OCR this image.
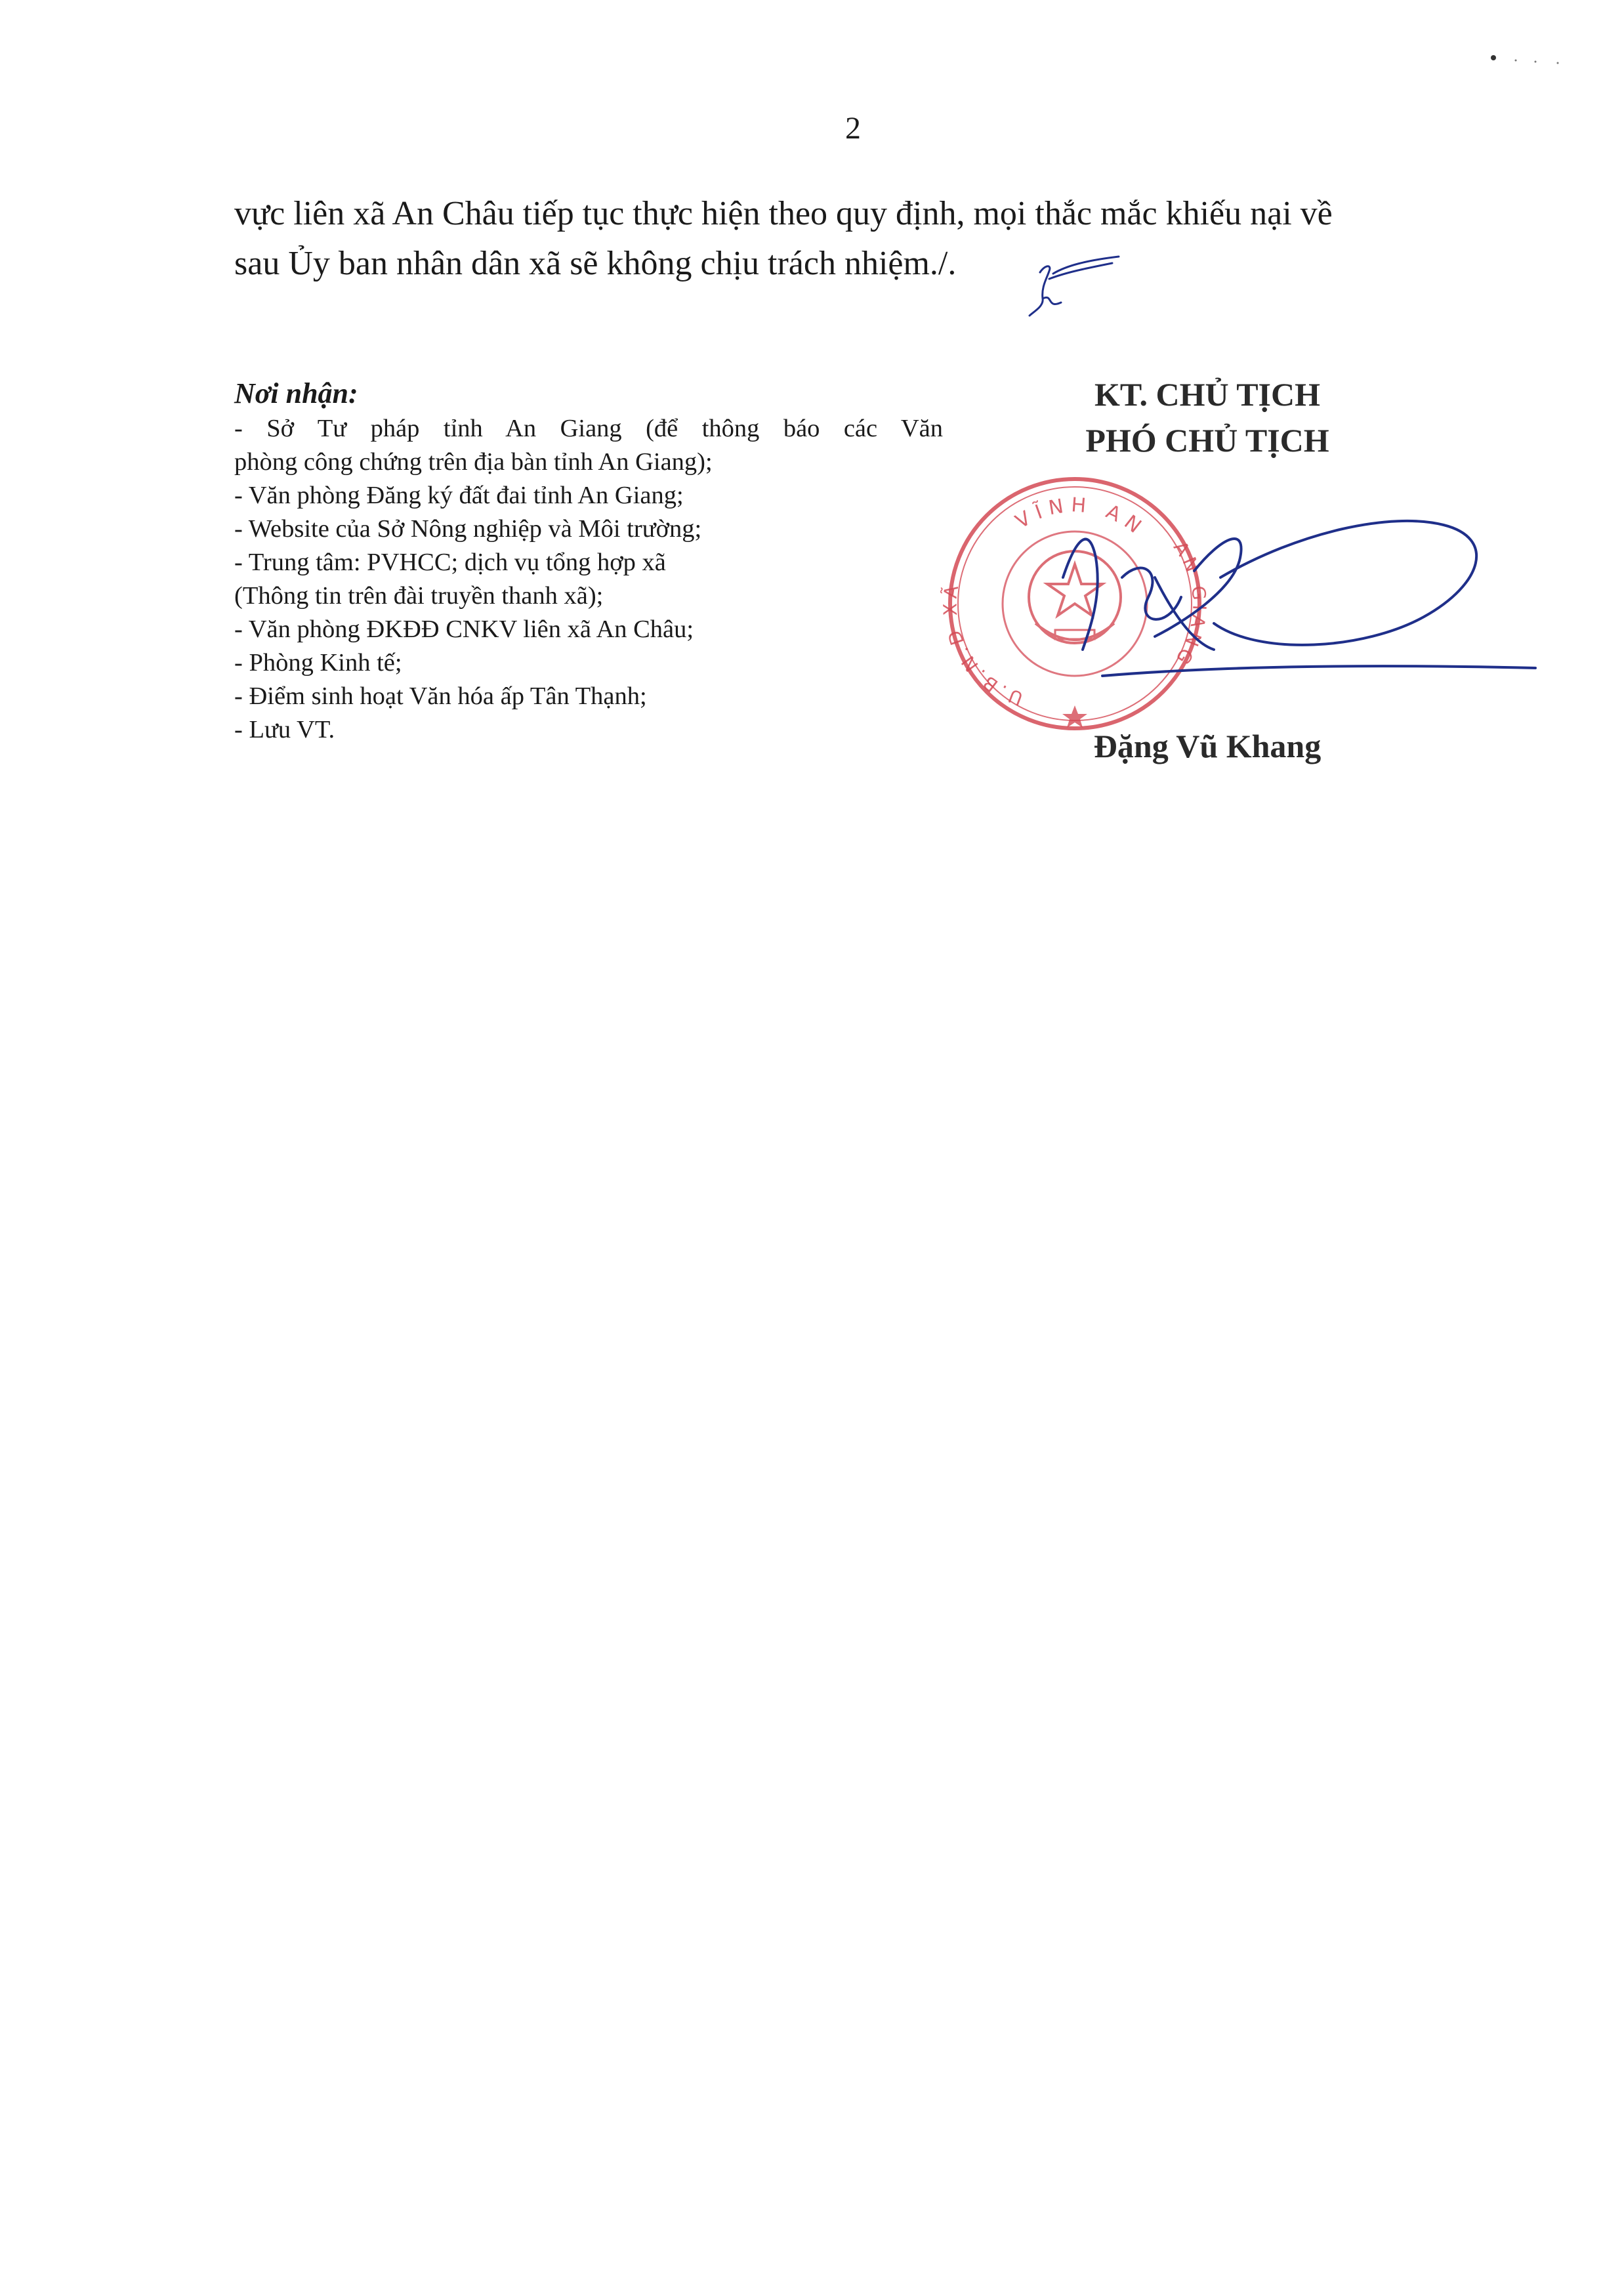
2
vực liên xã An Châu tiếp tục thực hiện theo quy định, mọi thắc mắc khiếu nại về
sau Ủy ban nhân dân xã sẽ không chịu trách nhiệm./.
Nơi nhận:
- Sở Tư pháp tỉnh An Giang (để thông báo các Văn
phòng công chứng trên địa bàn tỉnh An Giang);
- Văn phòng Đăng ký đất đai tỉnh An Giang;
- Website của Sở Nông nghiệp và Môi trường;
- Trung tâm: PVHCC; dịch vụ tổng hợp xã
(Thông tin trên đài truyền thanh xã);
- Văn phòng ĐKĐĐ CNKV liên xã An Châu;
- Phòng Kinh tế;
- Điểm sinh hoạt Văn hóa ấp Tân Thạnh;
- Lưu VT.
KT. CHỦ TỊCH
PHÓ CHỦ TỊCH
VĨNH AN
U.B.N.D XÃ
AN GIANG
Đặng Vũ Khang
